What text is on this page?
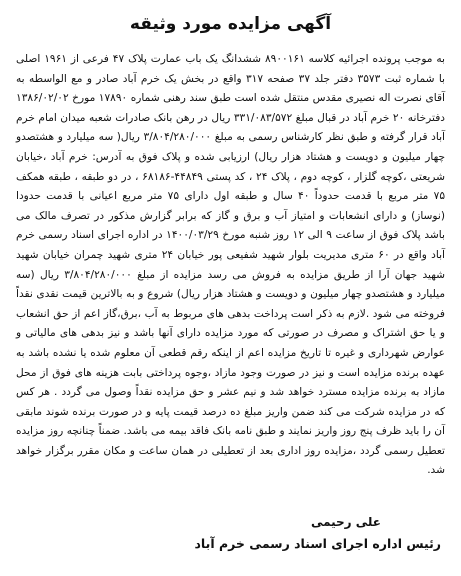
آگهی مزایده مورد وثیقه

به موجب پرونده اجرائیه کلاسه ۸۹۰۰۱۶۱ ششدانگ یک باب عمارت پلاک ۴۷ فرعی از ۱۹۶۱ اصلی با شماره ثبت ۳۵۷۳ دفتر جلد ۳۷ صفحه ۳۱۷ واقع در بخش یک خرم آباد صادر و مع الواسطه به آقای نصرت اله نصیری مقدس منتقل شده است طبق سند رهنی شماره ۱۷۸۹۰ مورخ ۱۳۸۶/۰۲/۰۲ دفترخانه ۲۰ خرم آباد در قبال مبلغ ۳۳۱/۰۸۳/۵۷۲ ریال در رهن بانک صادرات شعبه میدان امام خرم آباد قرار گرفته و طبق نظر کارشناس رسمی به مبلغ ۳/۸۰۴/۲۸۰/۰۰۰ ریال( سه میلیارد و هشتصدو چهار میلیون و دویست و هشتاد هزار ریال) ارزیابی شده و پلاک فوق به آدرس: خرم آباد ،خیابان شریعتی ،کوچه گلزار ، کوچه دوم ، پلاک ۲۴ ، کد پستی ۴۴۸۴۹-۶۸۱۸۶ ، در دو طبقه ، طبقه همکف ۷۵ متر مربع با قدمت حدوداً ۴۰ سال و طبقه اول دارای ۷۵ متر مربع اعیانی با قدمت حدودا (نوساز) و دارای انشعابات و امتیاز آب و برق و گاز که برابر گزارش مذکور در تصرف مالک می باشد پلاک فوق از ساعت ۹ الی ۱۲ روز شنبه مورخ ۱۴۰۰/۰۳/۲۹ در اداره اجرای اسناد رسمی خرم آباد واقع در ۶۰ متری مدیریت بلوار شهید شفیعی پور خیابان ۲۴ متری شهید چمران خیابان شهید شهید جهان آرا از طریق مزایده به فروش می رسد مزایده از مبلغ ۳/۸۰۴/۲۸۰/۰۰۰ ریال (سه میلیارد و هشتصدو چهار میلیون و دویست و هشتاد هزار ریال) شروع و به بالاترین قیمت نقدی نقداً فروخته می شود .لازم به ذکر است پرداخت بدهی های مربوط به آب ،برق،گاز اعم از حق انشعاب و یا حق اشتراک و مصرف در صورتی که مورد مزایده دارای آنها باشد و نیز بدهی های مالیاتی و عوارض شهرداری و غیره تا تاریخ مزایده اعم از اینکه رقم قطعی آن معلوم شده یا نشده باشد به عهده برنده مزایده است و نیز در صورت وجود مازاد ،وجوه پرداختی بابت هزینه های فوق از محل مازاد به برنده مزایده مسترد خواهد شد و نیم عشر و حق مزایده نقداً وصول می گردد . هر کس که در مزایده شرکت می کند ضمن واریز مبلغ ده درصد قیمت پایه و در صورت برنده شوند مابقی آن را باید ظرف پنج روز واریز نمایند و طبق نامه بانک فاقد بیمه می باشد. ضمناً چنانچه روز مزایده تعطیل رسمی گردد ،مزایده روز اداری بعد از تعطیلی در همان ساعت و مکان مقرر برگزار خواهد شد.

علی رحیمی
رئیس اداره اجرای اسناد رسمی خرم آباد
